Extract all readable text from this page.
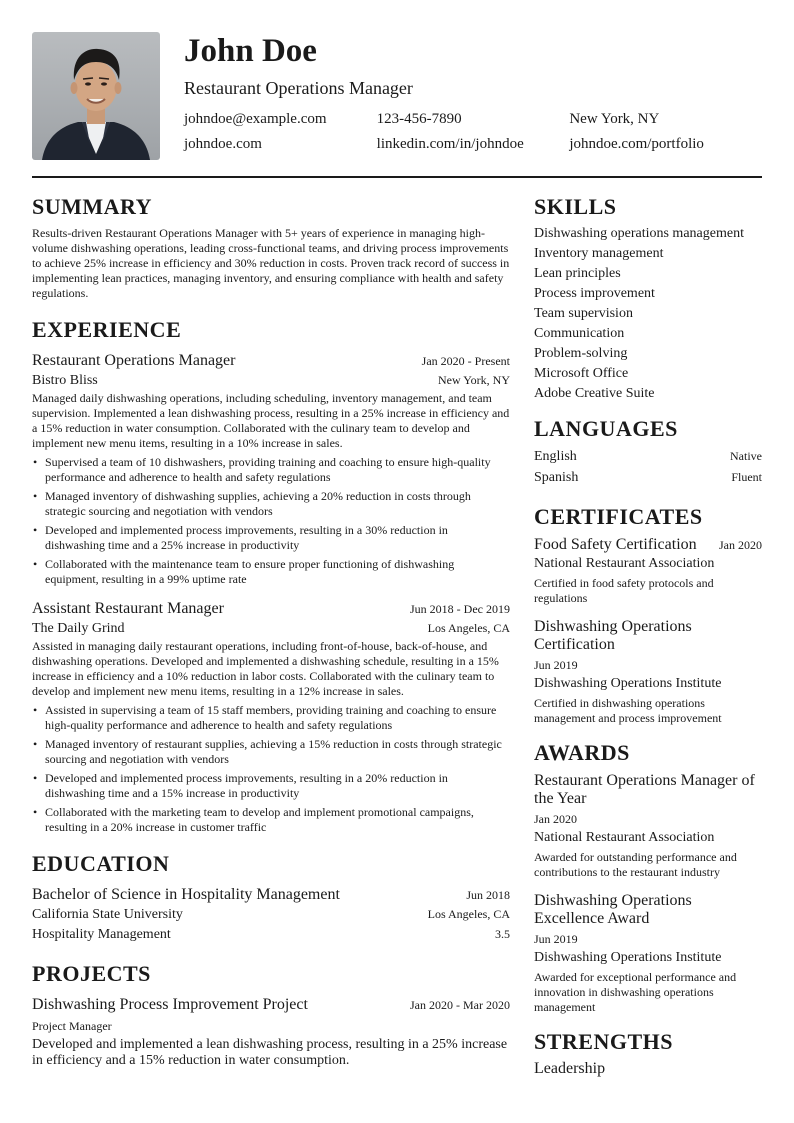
John Doe
Restaurant Operations Manager
johndoe@example.com	123-456-7890	New York, NY
johndoe.com	linkedin.com/in/johndoe	johndoe.com/portfolio
SUMMARY
Results-driven Restaurant Operations Manager with 5+ years of experience in managing high-volume dishwashing operations, leading cross-functional teams, and driving process improvements to achieve 25% increase in efficiency and 30% reduction in costs. Proven track record of success in implementing lean practices, managing inventory, and ensuring compliance with health and safety regulations.
EXPERIENCE
Restaurant Operations Manager	Jan 2020 - Present
Bistro Bliss	New York, NY
Managed daily dishwashing operations, including scheduling, inventory management, and team supervision. Implemented a lean dishwashing process, resulting in a 25% increase in efficiency and a 15% reduction in water consumption. Collaborated with the culinary team to develop and implement new menu items, resulting in a 10% increase in sales.
• Supervised a team of 10 dishwashers, providing training and coaching to ensure high-quality performance and adherence to health and safety regulations
• Managed inventory of dishwashing supplies, achieving a 20% reduction in costs through strategic sourcing and negotiation with vendors
• Developed and implemented process improvements, resulting in a 30% reduction in dishwashing time and a 25% increase in productivity
• Collaborated with the maintenance team to ensure proper functioning of dishwashing equipment, resulting in a 99% uptime rate
Assistant Restaurant Manager	Jun 2018 - Dec 2019
The Daily Grind	Los Angeles, CA
Assisted in managing daily restaurant operations, including front-of-house, back-of-house, and dishwashing operations. Developed and implemented a dishwashing schedule, resulting in a 15% increase in efficiency and a 10% reduction in labor costs. Collaborated with the culinary team to develop and implement new menu items, resulting in a 12% increase in sales.
• Assisted in supervising a team of 15 staff members, providing training and coaching to ensure high-quality performance and adherence to health and safety regulations
• Managed inventory of restaurant supplies, achieving a 15% reduction in costs through strategic sourcing and negotiation with vendors
• Developed and implemented process improvements, resulting in a 20% reduction in dishwashing time and a 15% increase in productivity
• Collaborated with the marketing team to develop and implement promotional campaigns, resulting in a 20% increase in customer traffic
EDUCATION
Bachelor of Science in Hospitality Management	Jun 2018
California State University	Los Angeles, CA
Hospitality Management	3.5
PROJECTS
Dishwashing Process Improvement Project	Jan 2020 - Mar 2020
Project Manager
Developed and implemented a lean dishwashing process, resulting in a 25% increase in efficiency and a 15% reduction in water consumption.
SKILLS
Dishwashing operations management
Inventory management
Lean principles
Process improvement
Team supervision
Communication
Problem-solving
Microsoft Office
Adobe Creative Suite
LANGUAGES
English	Native
Spanish	Fluent
CERTIFICATES
Food Safety Certification Jan 2020
National Restaurant Association
Certified in food safety protocols and regulations
Dishwashing Operations Certification
Jun 2019
Dishwashing Operations Institute
Certified in dishwashing operations management and process improvement
AWARDS
Restaurant Operations Manager of the Year
Jan 2020
National Restaurant Association
Awarded for outstanding performance and contributions to the restaurant industry
Dishwashing Operations Excellence Award
Jun 2019
Dishwashing Operations Institute
Awarded for exceptional performance and innovation in dishwashing operations management
STRENGTHS
Leadership
